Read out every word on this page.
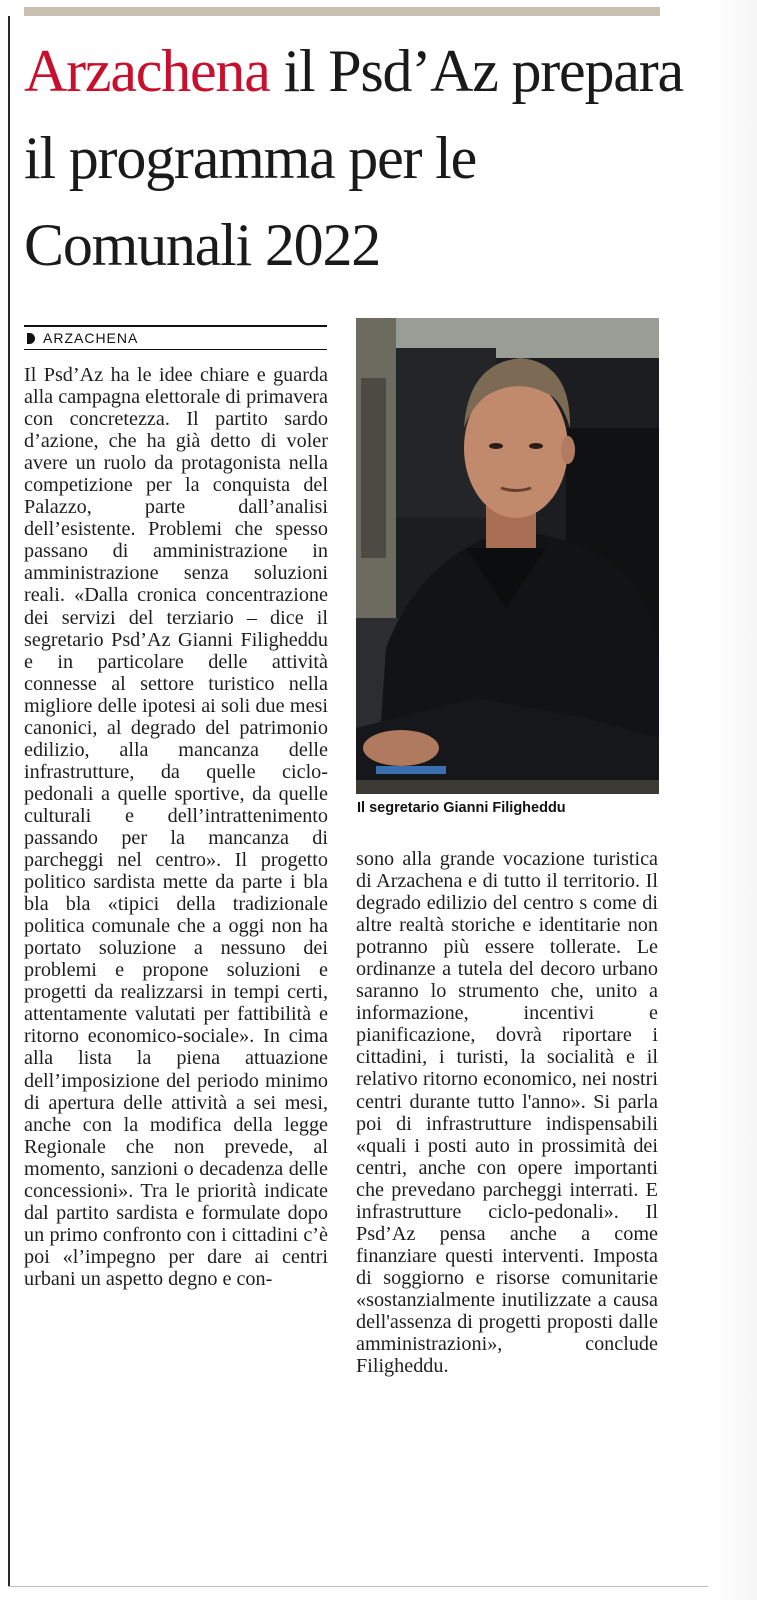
Arzachena il Psd’Az prepara il programma per le Comunali 2022
ARZACHENA

Il Psd’Az ha le idee chiare e guarda alla campagna elettorale di primavera con concretezza. Il partito sardo d’azione, che ha già detto di voler avere un ruolo da protagonista nella competizione per la conquista del Palazzo, parte dall’analisi dell’esistente. Problemi che spesso passano di amministrazione in amministrazione senza soluzioni reali. «Dalla cronica concentrazione dei servizi del terziario – dice il segretario Psd’Az Gianni Filigheddu e in particolare delle attività connesse al settore turistico nella migliore delle ipotesi ai soli due mesi canonici, al degrado del patrimonio edilizio, alla mancanza delle infrastrutture, da quelle ciclo-pedonali a quelle sportive, da quelle culturali e dell’intrattenimento passando per la mancanza di parcheggi nel centro». Il progetto politico sardista mette da parte i bla bla bla «tipici della tradizionale politica comunale che a oggi non ha portato soluzione a nessuno dei problemi e propone soluzioni e progetti da realizzarsi in tempi certi, attentamente valutati per fattibilità e ritorno economico-sociale». In cima alla lista la piena attuazione dell’imposizione del periodo minimo di apertura delle attività a sei mesi, anche con la modifica della legge Regionale che non prevede, al momento, sanzioni o decadenza delle concessioni». Tra le priorità indicate dal partito sardista e formulate dopo un primo confronto con i cittadini c’è poi «l’impegno per dare ai centri urbani un aspetto degno e con-

Il segretario Gianni Filigheddu

sono alla grande vocazione turistica di Arzachena e di tutto il territorio. Il degrado edilizio del centro s come di altre realtà storiche e identitarie non potranno più essere tollerate. Le ordinanze a tutela del decoro urbano saranno lo strumento che, unito a informazione, incentivi e pianificazione, dovrà riportare i cittadini, i turisti, la socialità e il relativo ritorno economico, nei nostri centri durante tutto l'anno». Si parla poi di infrastrutture indispensabili «quali i posti auto in prossimità dei centri, anche con opere importanti che prevedano parcheggi interrati. E infrastrutture ciclo-pedonali». Il Psd’Az pensa anche a come finanziare questi interventi. Imposta di soggiorno e risorse comunitarie «sostanzialmente inutilizzate a causa dell'assenza di progetti proposti dalle amministrazioni», conclude Filigheddu.
